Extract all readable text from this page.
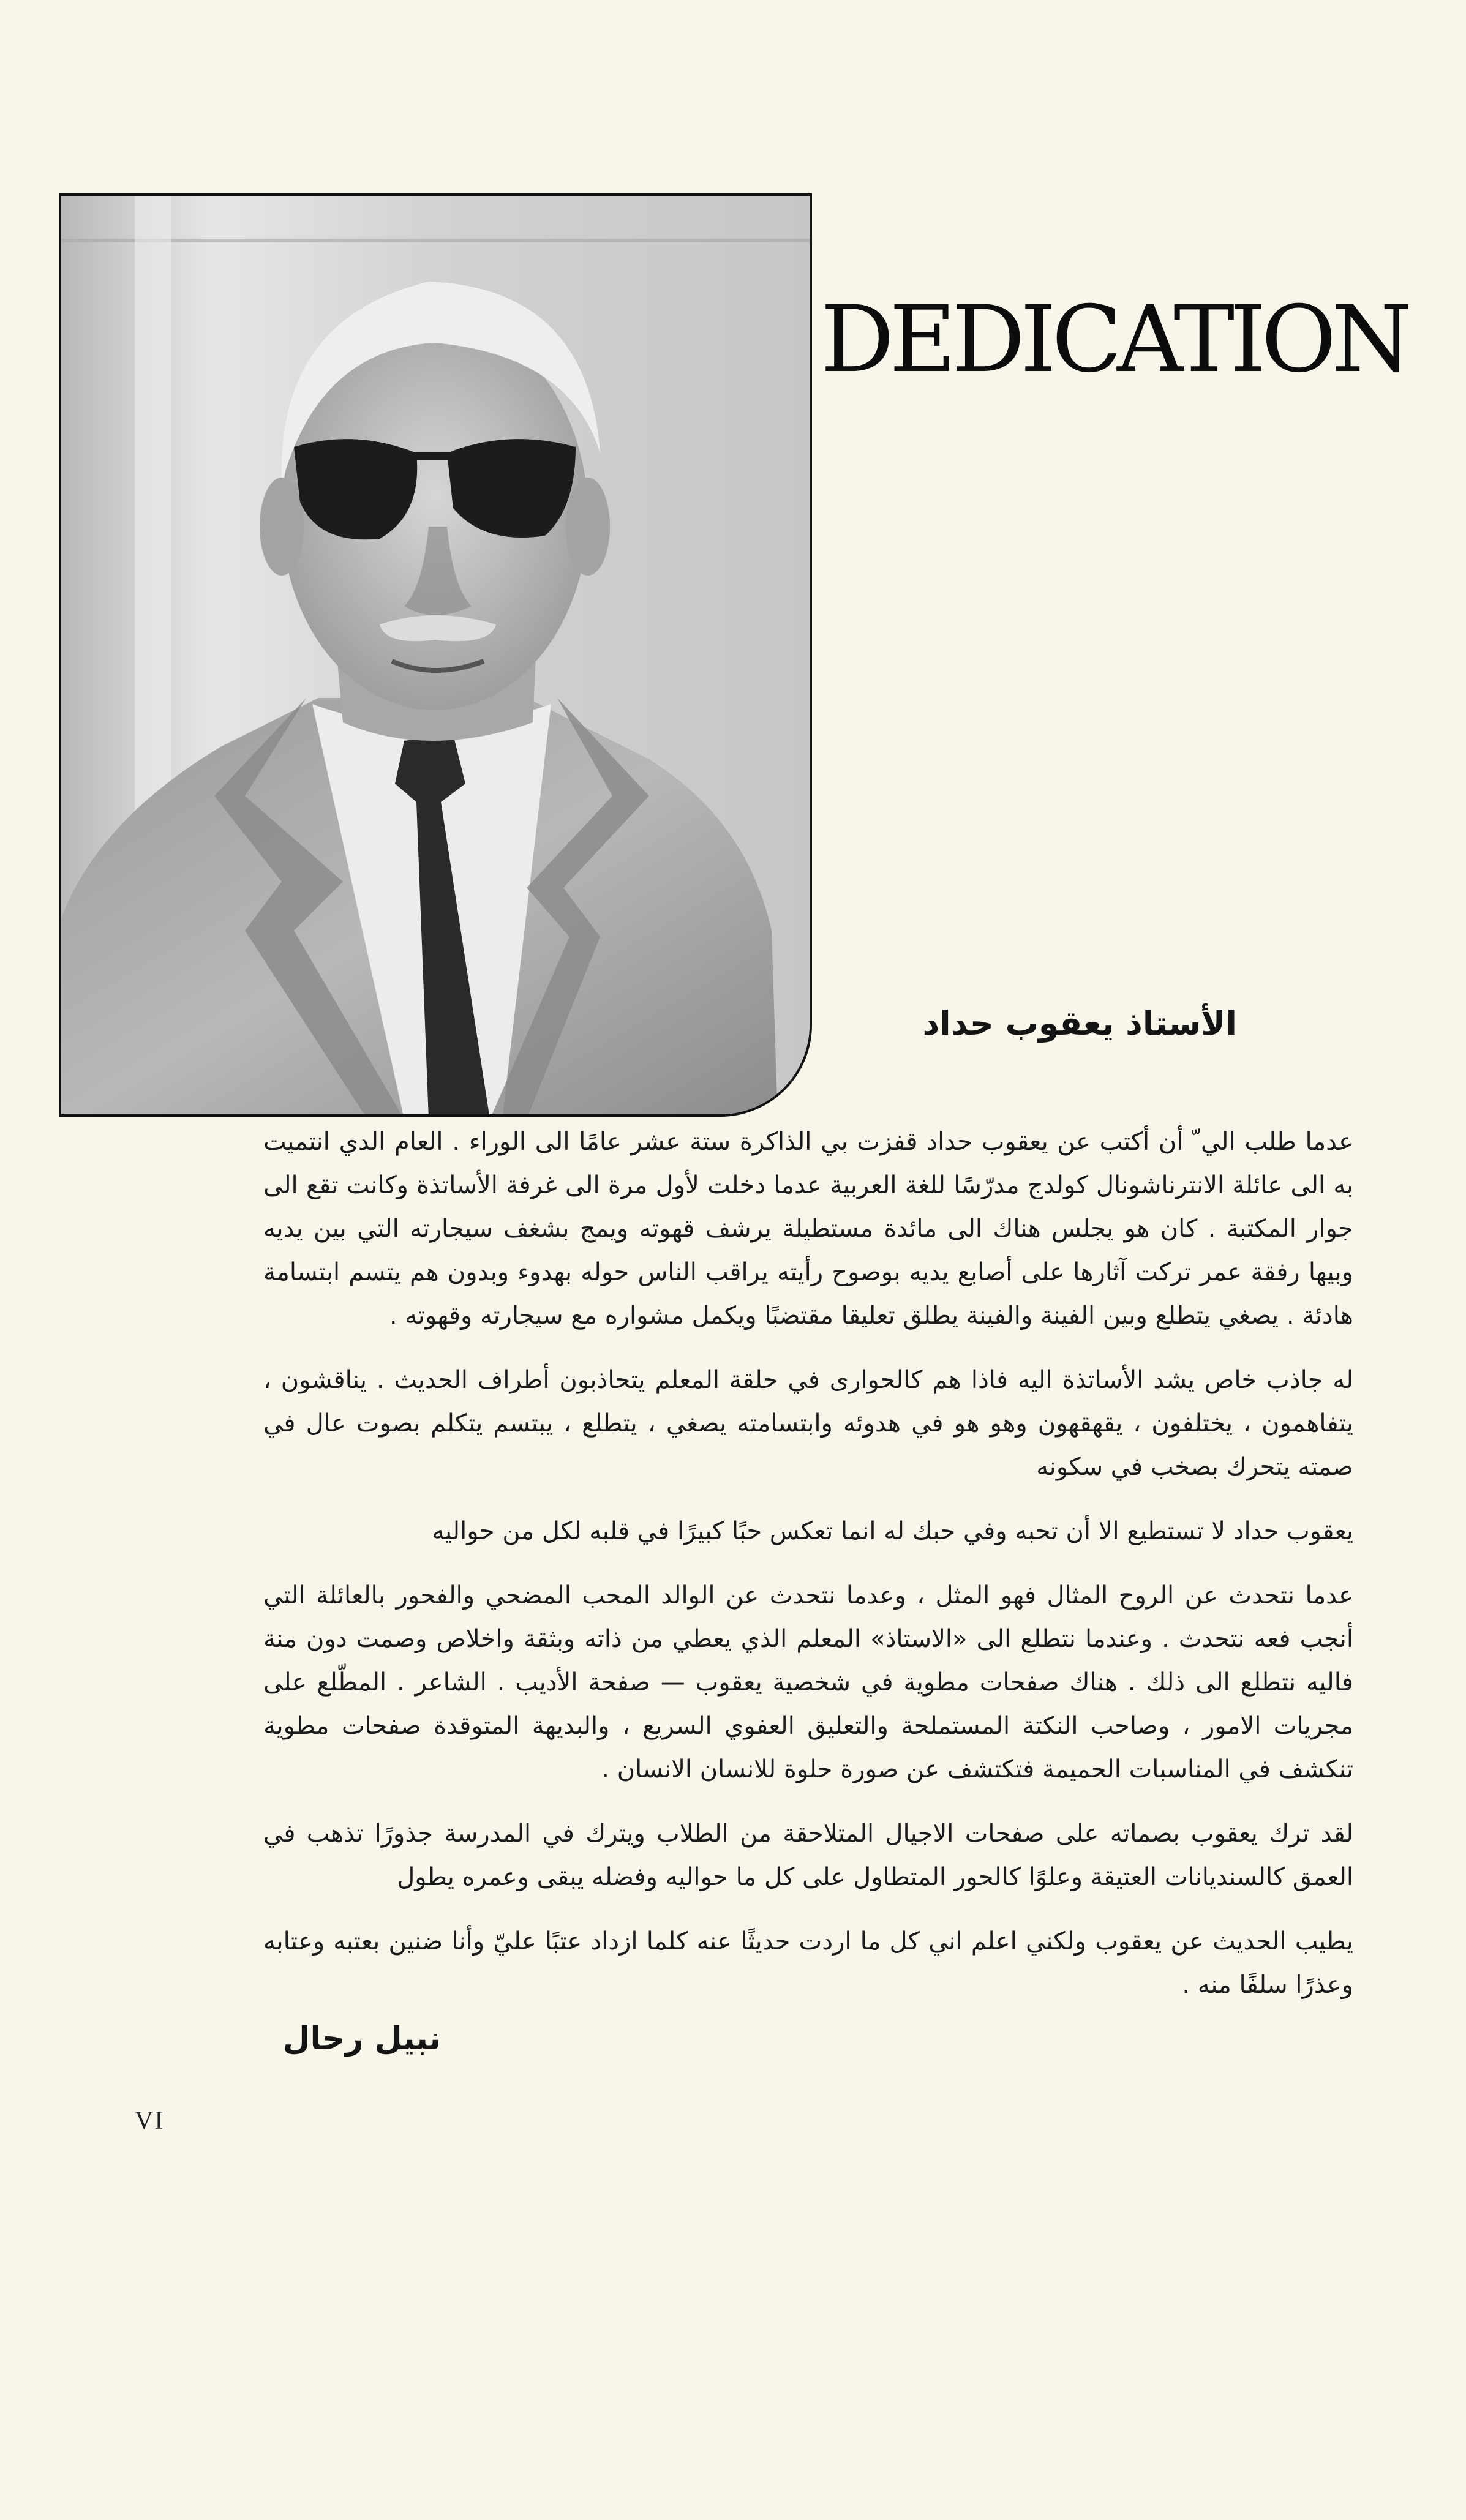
DEDICATION
الأستاذ يعقوب حداد

عدما طلب الي ّ أن أكتب عن يعقوب حداد قفزت بي الذاكرة ستة عشر عامًا الى الوراء . العام الدي انتميت به الى عائلة الانترناشونال كولدج مدرّسًا للغة العربية عدما دخلت لأول مرة الى غرفة الأساتذة وكانت تقع الى جوار المكتبة . كان هو يجلس هناك الى مائدة مستطيلة يرشف قهوته ويمج بشغف سيجارته التي بين يديه وبيها رفقة عمر تركت آثارها على أصابع يديه بوصوح رأيته يراقب الناس حوله بهدوء وبدون هم يتسم ابتسامة هادئة . يصغي يتطلع وبين الفينة والفينة يطلق تعليقا مقتضبًا ويكمل مشواره مع سيجارته وقهوته .

له جاذب خاص يشد الأساتذة اليه فاذا هم كالحوارى في حلقة المعلم يتحاذبون أطراف الحديث . يناقشون ، يتفاهمون ، يختلفون ، يقهقهون وهو هو في هدوئه وابتسامته يصغي ، يتطلع ، يبتسم يتكلم بصوت عال في صمته يتحرك بصخب في سكونه

يعقوب حداد لا تستطيع الا أن تحبه وفي حبك له انما تعكس حبًا كبيرًا في قلبه لكل من حواليه

عدما نتحدث عن الروح المثال فهو المثل ، وعدما نتحدث عن الوالد المحب المضحي والفحور بالعائلة التي أنجب فعه نتحدث . وعندما نتطلع الى «الاستاذ» المعلم الذي يعطي من ذاته وبثقة واخلاص وصمت دون منة فاليه نتطلع الى ذلك . هناك صفحات مطوية في شخصية يعقوب — صفحة الأديب . الشاعر . المطّلع على مجريات الامور ، وصاحب النكتة المستملحة والتعليق العفوي السريع ، والبديهة المتوقدة صفحات مطوية تنكشف في المناسبات الحميمة فتكتشف عن صورة حلوة للانسان الانسان .

لقد ترك يعقوب بصماته على صفحات الاجيال المتلاحقة من الطلاب ويترك في المدرسة جذورًا تذهب في العمق كالسنديانات العتيقة وعلوًا كالحور المتطاول على كل ما حواليه وفضله يبقى وعمره يطول

يطيب الحديث عن يعقوب ولكني اعلم اني كل ما اردت حديثًا عنه كلما ازداد عتبًا عليّ وأنا ضنين بعتبه وعتابه وعذرًا سلفًا منه .

نبيل رحال
VI
